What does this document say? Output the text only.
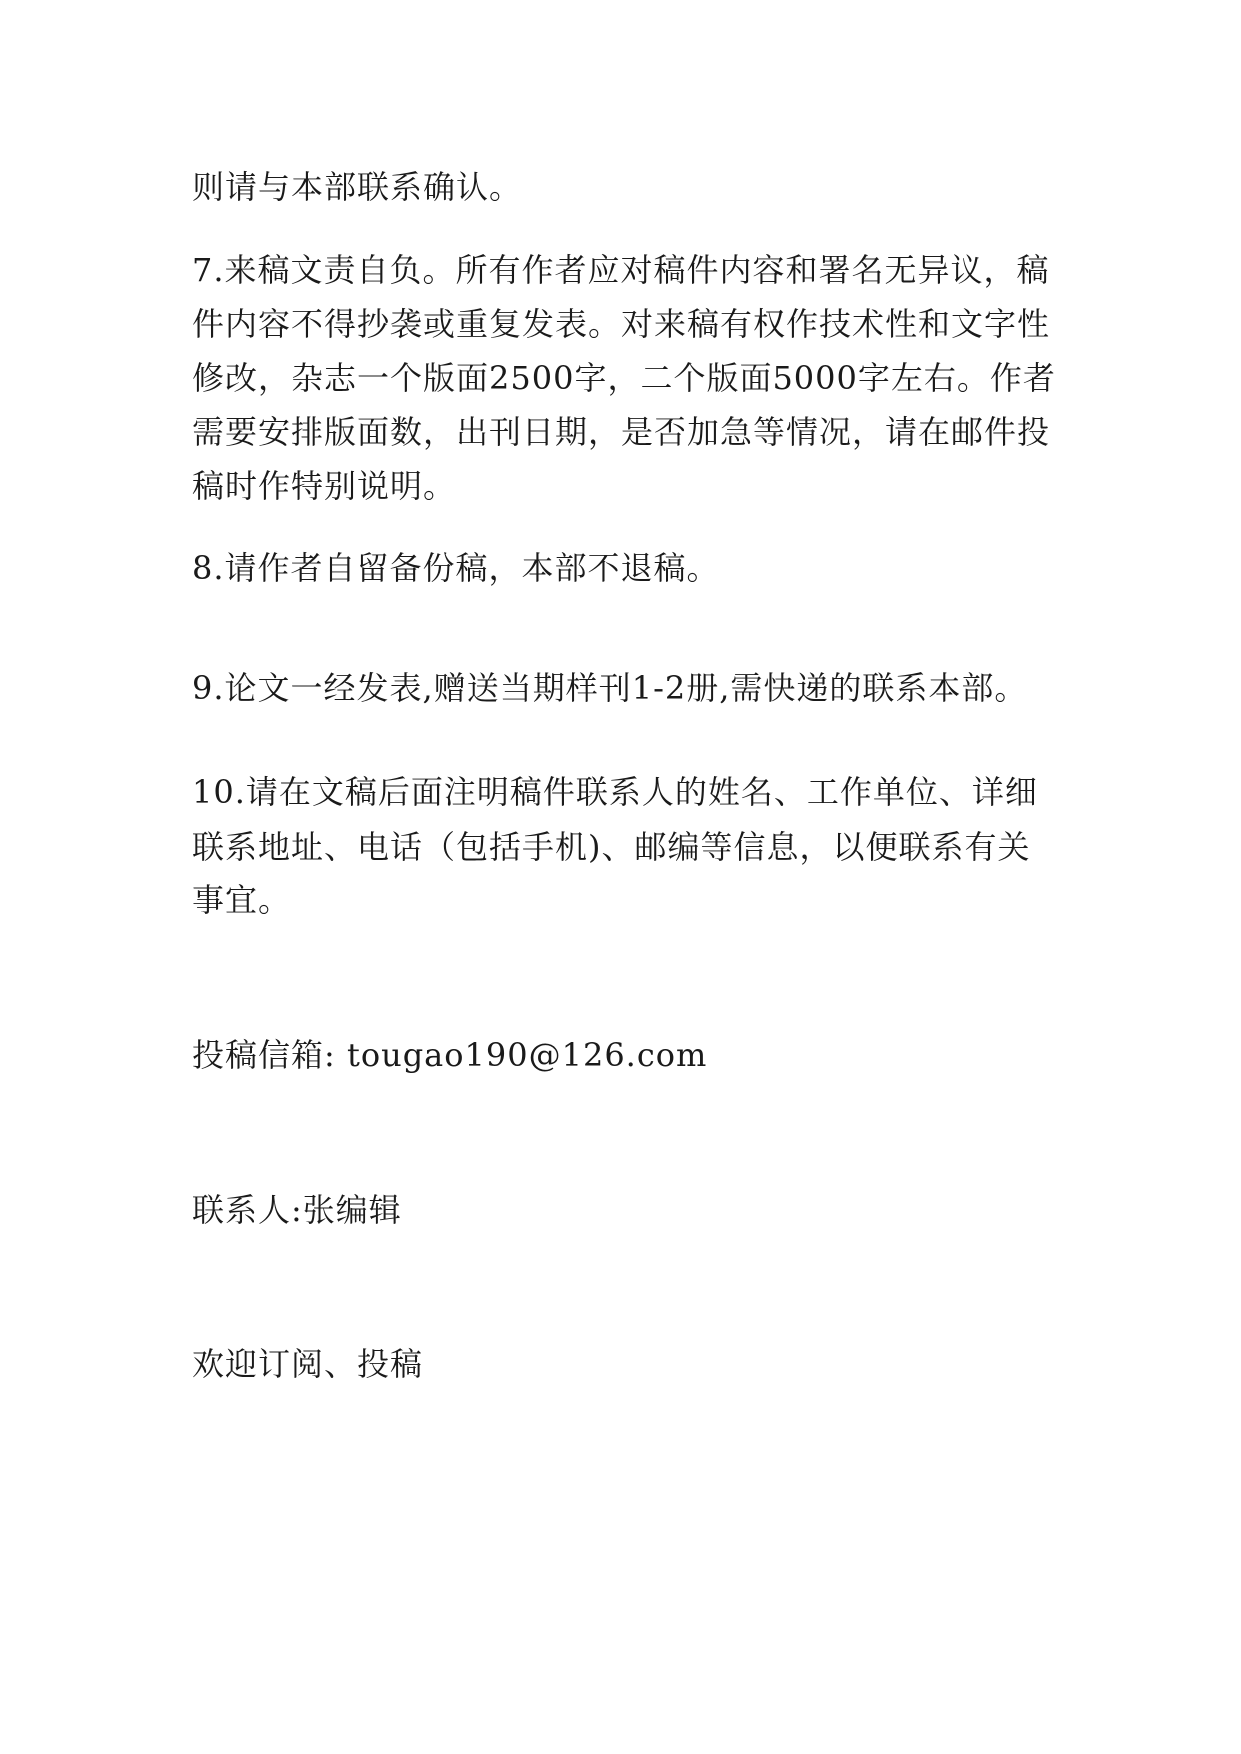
则请与本部联系确认。
7.来稿文责自负。所有作者应对稿件内容和署名无异议，稿
件内容不得抄袭或重复发表。对来稿有权作技术性和文字性
修改，杂志一个版面2500字，二个版面5000字左右。作者
需要安排版面数，出刊日期，是否加急等情况，请在邮件投
稿时作特别说明。
8.请作者自留备份稿，本部不退稿。
9.论文一经发表,赠送当期样刊1-2册,需快递的联系本部。
10.请在文稿后面注明稿件联系人的姓名、工作单位、详细
联系地址、电话（包括手机)、邮编等信息，以便联系有关
事宜。
投稿信箱: tougao190@126.com
联系人:张编辑
欢迎订阅、投稿
